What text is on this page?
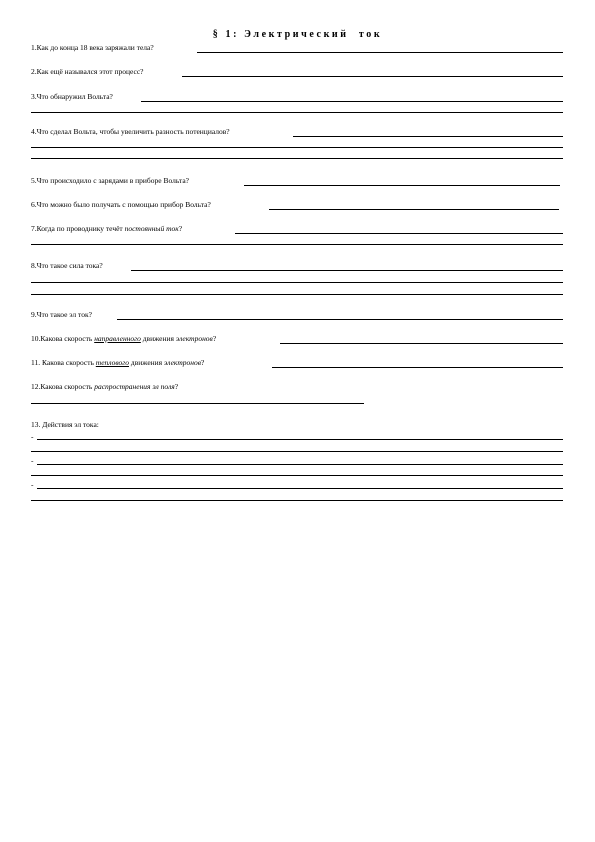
§ 1: Электрический  ток
1.Как до конца 18 века заряжали тела?
2.Как ещё назывался этот процесс?
3.Что обнаружил Вольта?
4.Что сделал Вольта, чтобы увеличить разность потенциалов?
5.Что происходило с зарядами в приборе Вольта?
6.Что можно было получать с помощью прибор Вольта?
7.Когда по проводнику течёт постоянный ток?
8.Что такое сила тока?
9.Что такое эл ток?
10.Какова скорость направленного движения электронов?
11. Какова скорость теплового движения электронов?
12.Какова скорость распространения эл поля?
13. Действия эл тока:
-
-
-
